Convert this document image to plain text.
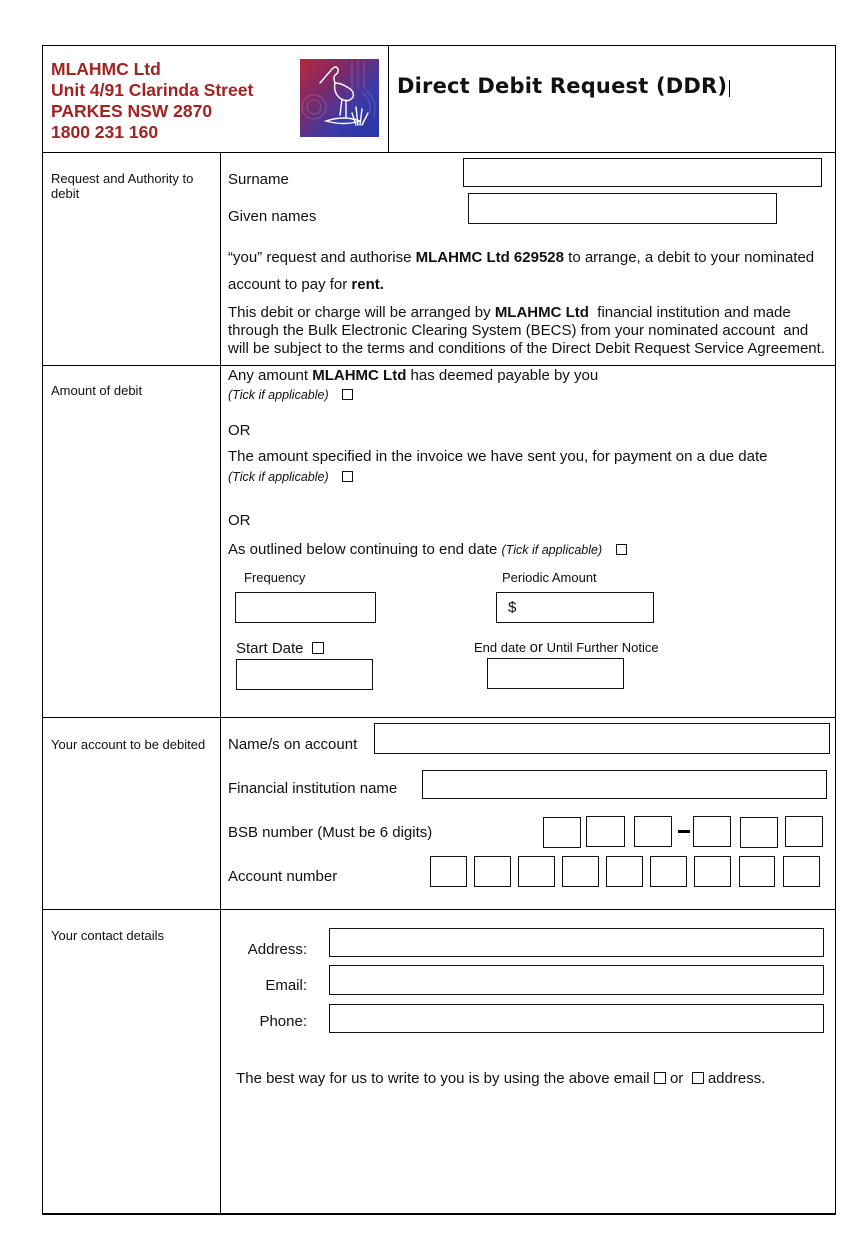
MLAHMC Ltd
Unit 4/91 Clarinda Street
PARKES NSW 2870
1800 231 160
Direct Debit Request (DDR)
Request and Authority to debit
Surname
Given names
“you” request and authorise MLAHMC Ltd 629528 to arrange, a debit to your nominated
account to pay for rent.
This debit or charge will be arranged by MLAHMC Ltd  financial institution and made
through the Bulk Electronic Clearing System (BECS) from your nominated account  and
will be subject to the terms and conditions of the Direct Debit Request Service Agreement.
Amount of debit
Any amount MLAHMC Ltd has deemed payable by you
(Tick if applicable)
OR
The amount specified in the invoice we have sent you, for payment on a due date
(Tick if applicable)
OR
As outlined below continuing to end date (Tick if applicable)
Frequency	Periodic Amount
$
Start Date	End date or Until Further Notice
Your account to be debited Name/s on account
Financial institution name
BSB number (Must be 6 digits)
Account number
Your contact details
Address:
Email:
Phone:

The best way for us to write to you is by using the above email  or   address.
